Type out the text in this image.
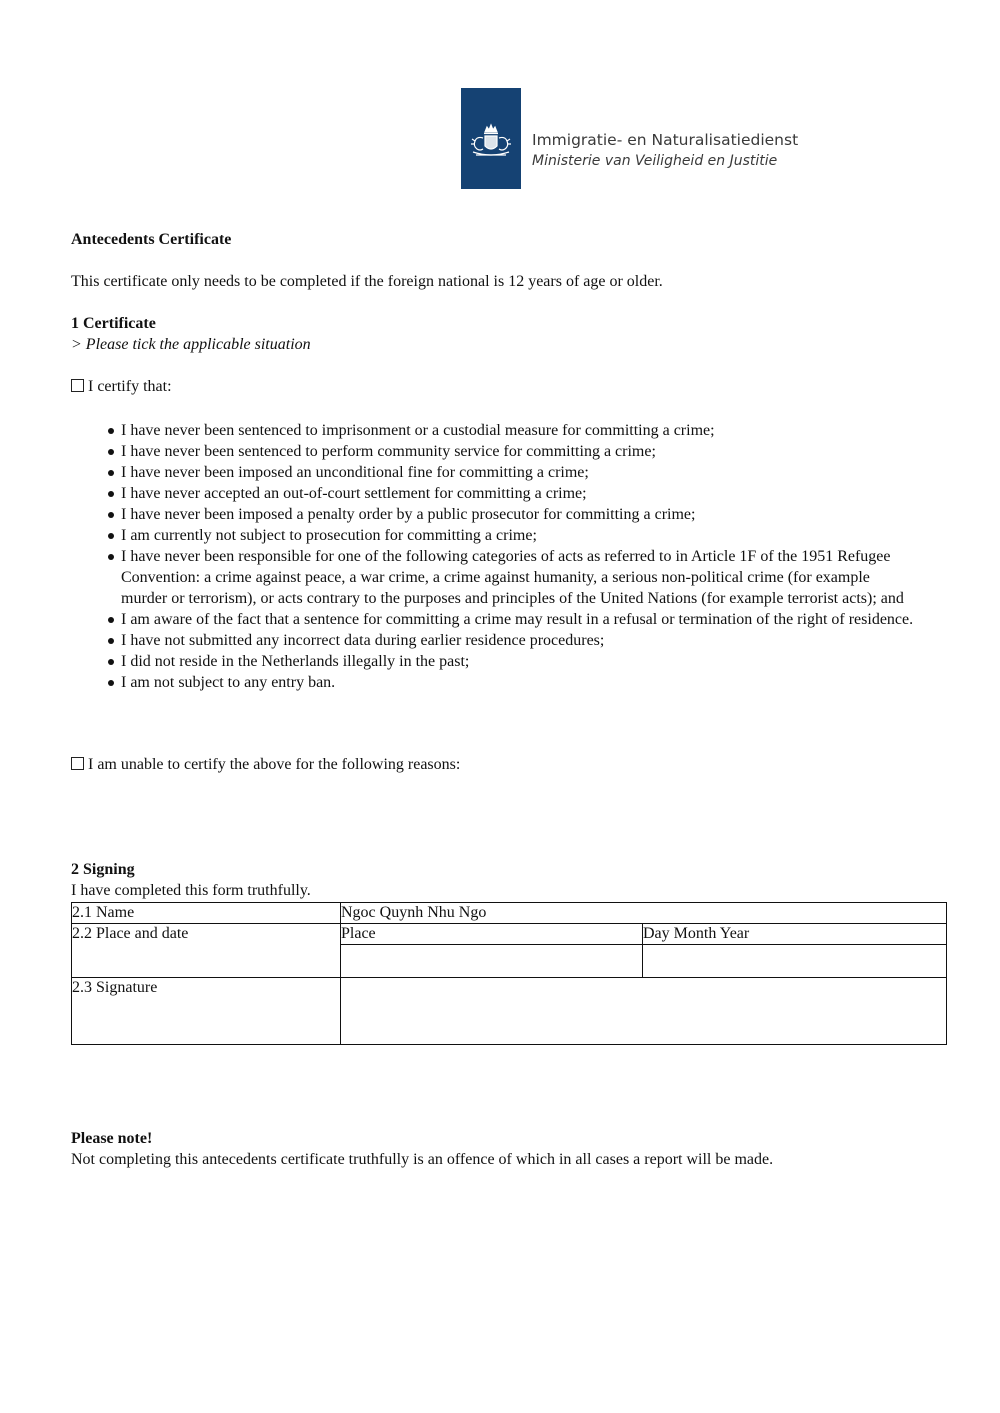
Immigratie- en Naturalisatiedienst
Ministerie van Veiligheid en Justitie
Antecedents Certificate
This certificate only needs to be completed if the foreign national is 12 years of age or older.
1 Certificate
> Please tick the applicable situation
I certify that:
I have never been sentenced to imprisonment or a custodial measure for committing a crime;
I have never been sentenced to perform community service for committing a crime;
I have never been imposed an unconditional fine for committing a crime;
I have never accepted an out-of-court settlement for committing a crime;
I have never been imposed a penalty order by a public prosecutor for committing a crime;
I am currently not subject to prosecution for committing a crime;
I have never been responsible for one of the following categories of acts as referred to in Article 1F of the 1951 Refugee Convention: a crime against peace, a war crime, a crime against humanity, a serious non-political crime (for example murder or terrorism), or acts contrary to the purposes and principles of the United Nations (for example terrorist acts); and
I am aware of the fact that a sentence for committing a crime may result in a refusal or termination of the right of residence.
I have not submitted any incorrect data during earlier residence procedures;
I did not reside in the Netherlands illegally in the past;
I am not subject to any entry ban.
I am unable to certify the above for the following reasons:
2 Signing
I have completed this form truthfully.
2.1 Name	Ngoc Quynh Nhu Ngo	
2.2 Place and date	Place	Day Month Year

2.3 Signature		
Please note!
Not completing this antecedents certificate truthfully is an offence of which in all cases a report will be made.
